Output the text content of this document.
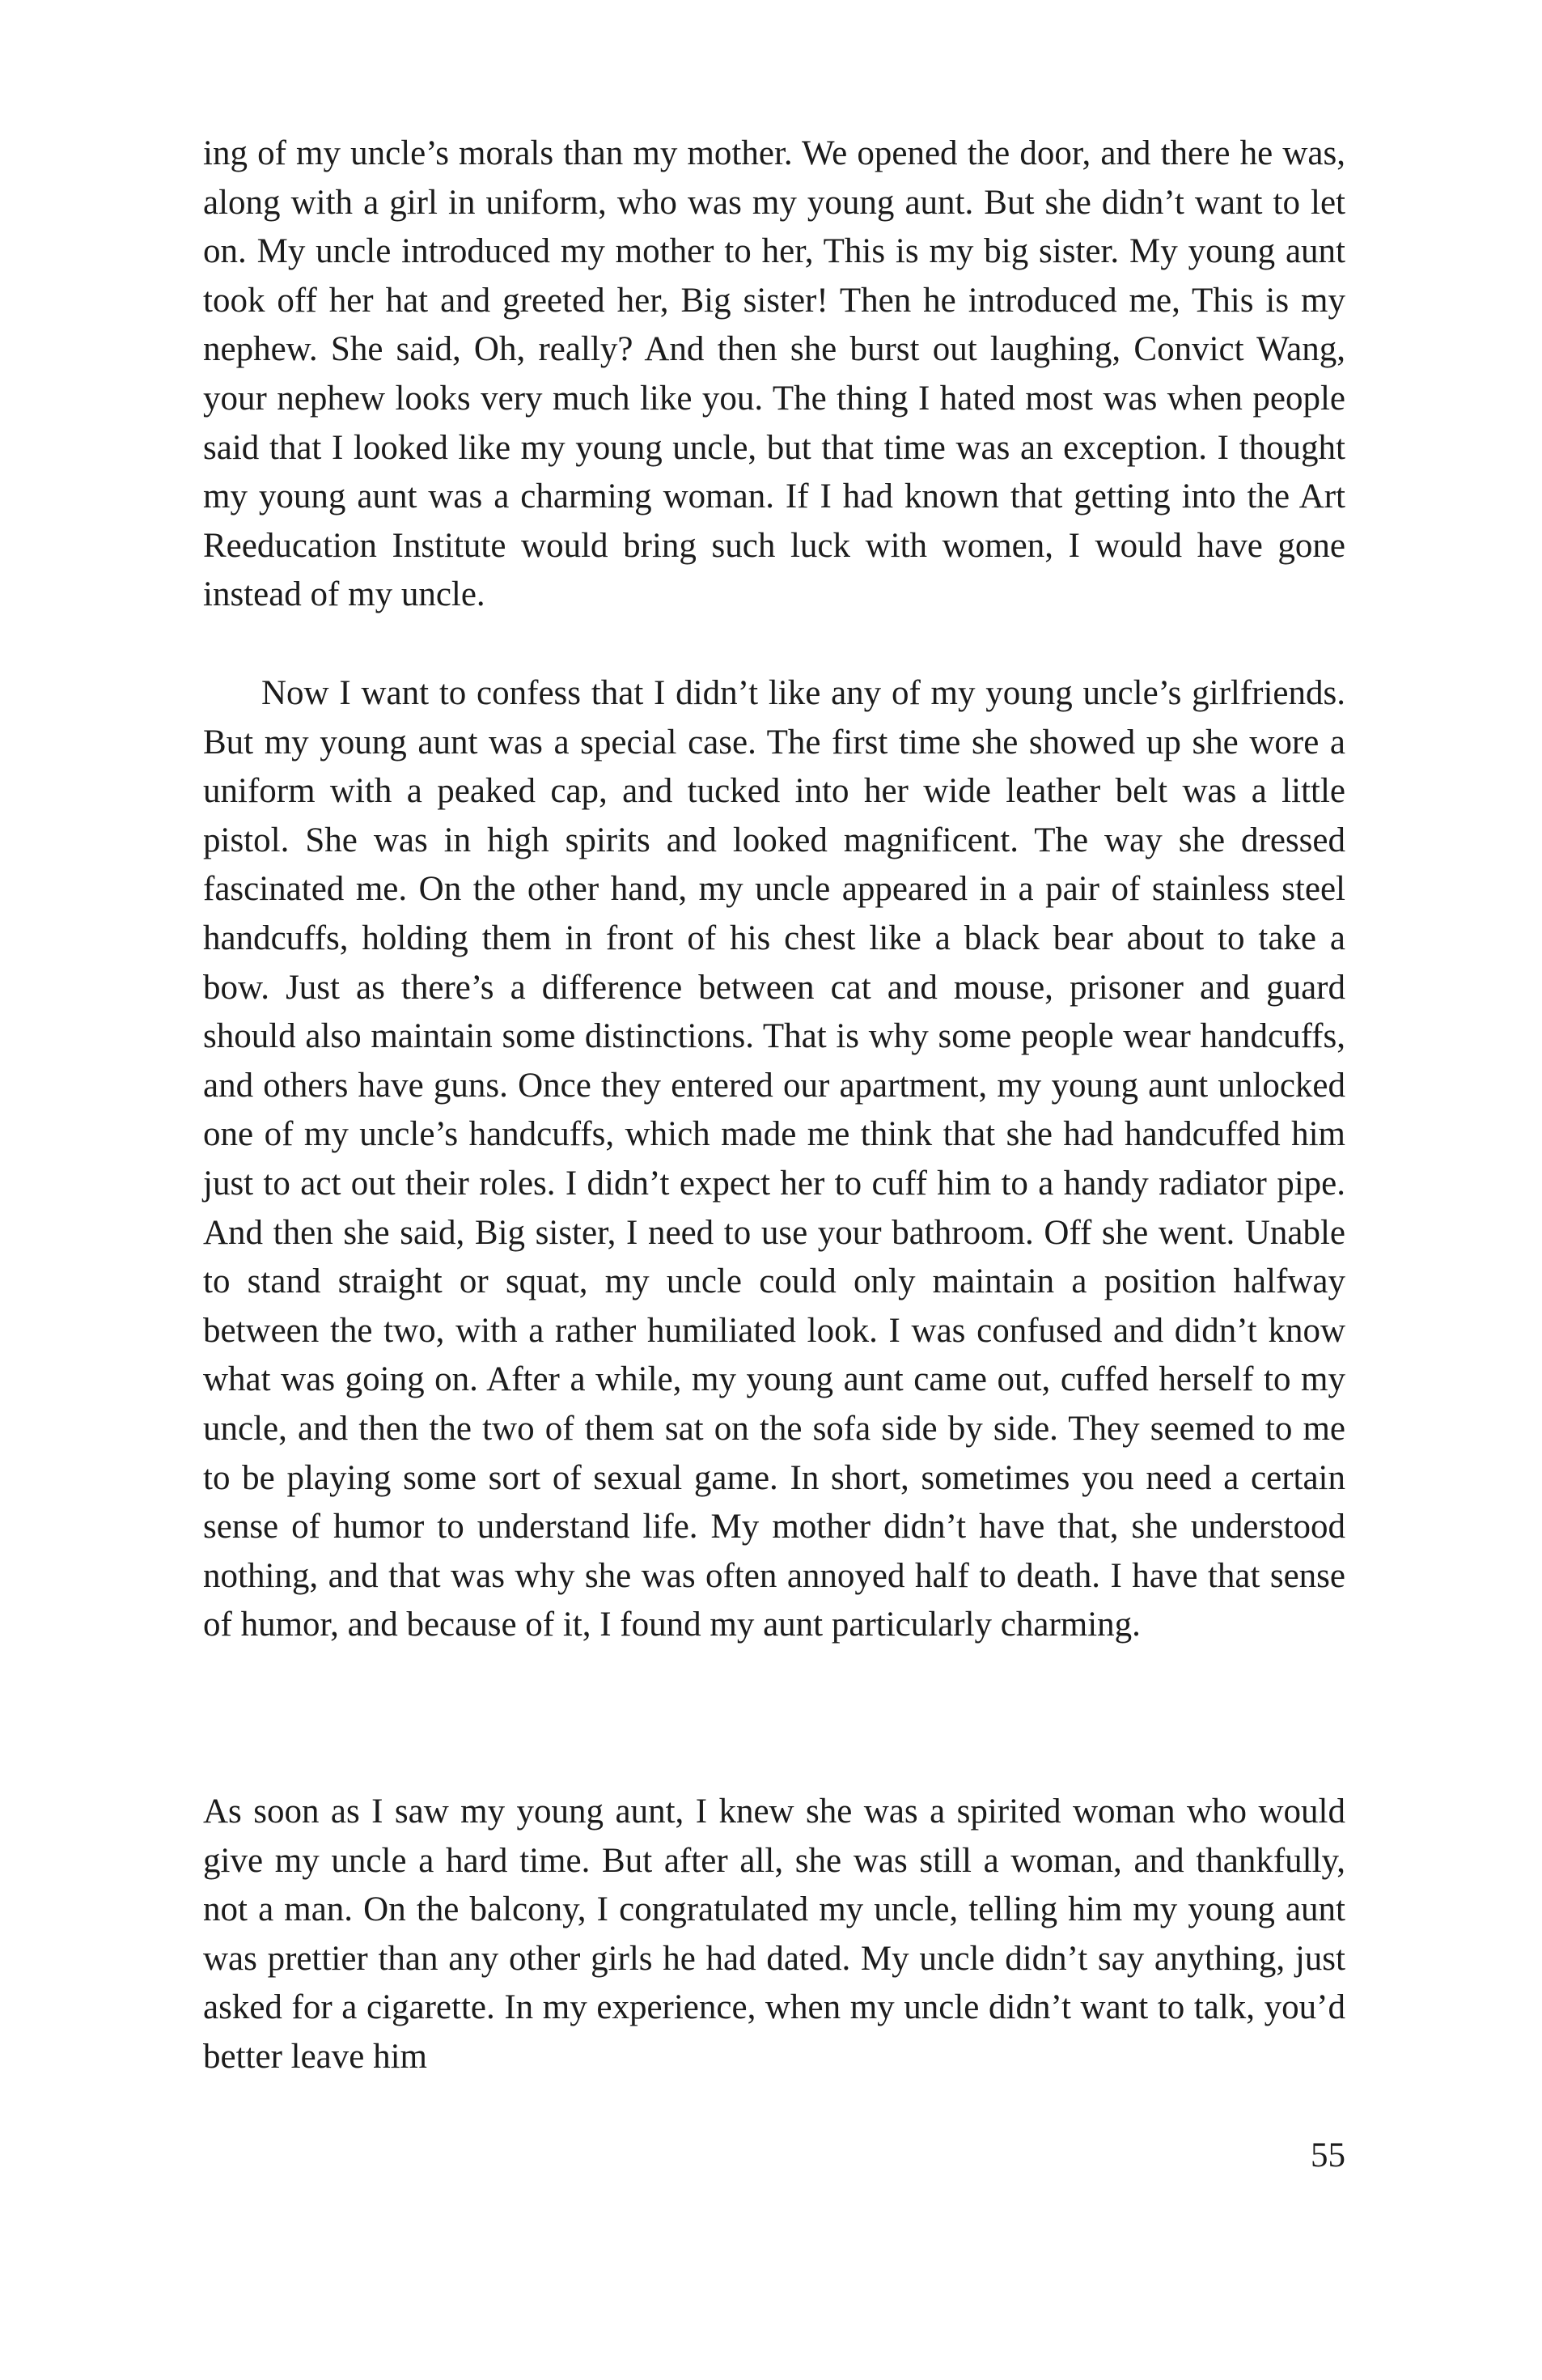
ing of my uncle’s morals than my mother. We opened the door, and there he was, along with a girl in uniform, who was my young aunt. But she didn’t want to let on. My uncle introduced my mother to her, This is my big sister. My young aunt took off her hat and greeted her, Big sister! Then he introduced me, This is my nephew. She said, Oh, really? And then she burst out laughing, Convict Wang, your nephew looks very much like you. The thing I hated most was when people said that I looked like my young uncle, but that time was an exception. I thought my young aunt was a charming woman. If I had known that getting into the Art Reeducation Institute would bring such luck with women, I would have gone instead of my uncle.

Now I want to confess that I didn’t like any of my young uncle’s girlfriends. But my young aunt was a special case. The first time she showed up she wore a uniform with a peaked cap, and tucked into her wide leather belt was a little pistol. She was in high spirits and looked magnificent. The way she dressed fascinated me. On the other hand, my uncle appeared in a pair of stainless steel handcuffs, holding them in front of his chest like a black bear about to take a bow. Just as there’s a difference between cat and mouse, prisoner and guard should also maintain some distinctions. That is why some people wear handcuffs, and others have guns. Once they entered our apartment, my young aunt unlocked one of my uncle’s handcuffs, which made me think that she had handcuffed him just to act out their roles. I didn’t expect her to cuff him to a handy radiator pipe. And then she said, Big sister, I need to use your bathroom. Off she went. Unable to stand straight or squat, my uncle could only maintain a position halfway between the two, with a rather humiliated look. I was confused and didn’t know what was going on. After a while, my young aunt came out, cuffed herself to my uncle, and then the two of them sat on the sofa side by side. They seemed to me to be playing some sort of sexual game. In short, sometimes you need a certain sense of humor to understand life. My mother didn’t have that, she understood nothing, and that was why she was often annoyed half to death. I have that sense of humor, and because of it, I found my aunt particularly charming.

As soon as I saw my young aunt, I knew she was a spirited woman who would give my uncle a hard time. But after all, she was still a woman, and thankfully, not a man. On the balcony, I congratulated my uncle, telling him my young aunt was prettier than any other girls he had dated. My uncle didn’t say anything, just asked for a cigarette. In my experience, when my uncle didn’t want to talk, you’d better leave him

55
